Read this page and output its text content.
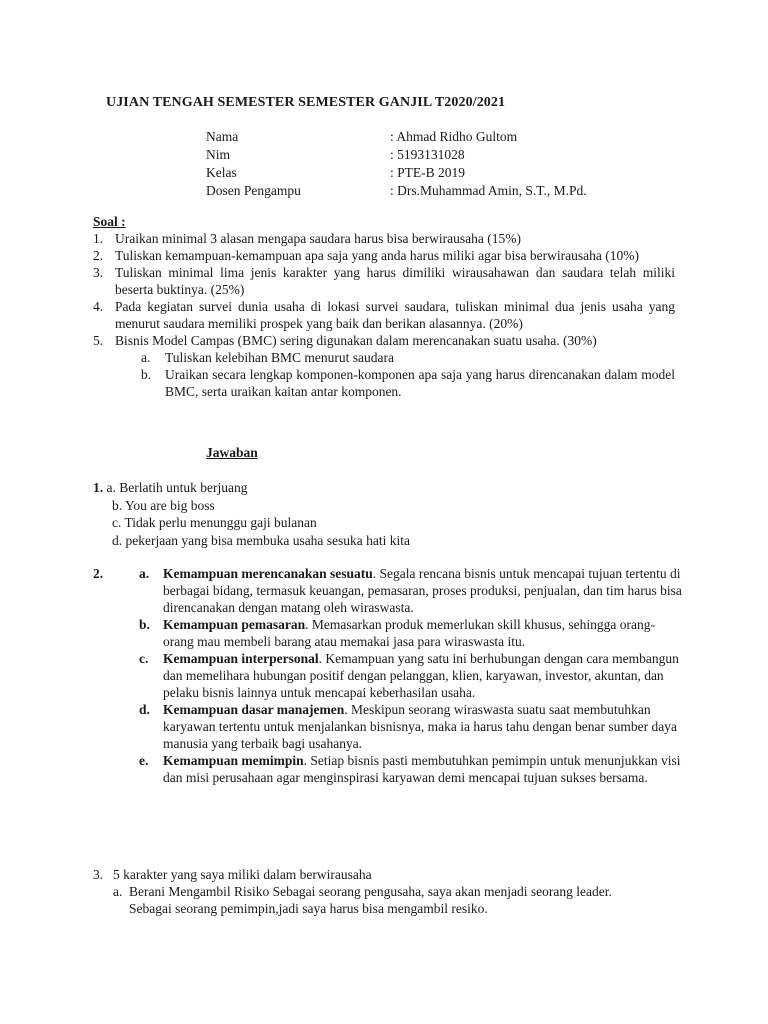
UJIAN TENGAH SEMESTER SEMESTER GANJIL T2020/2021
Nama	: Ahmad Ridho Gultom
Nim	: 5193131028
Kelas	: PTE-B 2019
Dosen Pengampu	: Drs.Muhammad Amin, S.T., M.Pd.
Soal :
1. Uraikan minimal 3 alasan mengapa saudara harus bisa berwirausaha (15%)
2. Tuliskan kemampuan-kemampuan apa saja yang anda harus miliki agar bisa berwirausaha (10%)
3. Tuliskan minimal lima jenis karakter yang harus dimiliki wirausahawan dan saudara telah miliki beserta buktinya. (25%)
4. Pada kegiatan survei dunia usaha di lokasi survei saudara, tuliskan minimal dua jenis usaha yang menurut saudara memiliki prospek yang baik dan berikan alasannya. (20%)
5. Bisnis Model Campas (BMC) sering digunakan dalam merencanakan suatu usaha. (30%)
a.	Tuliskan kelebihan BMC menurut saudara
b.	Uraikan secara lengkap komponen-komponen apa saja yang harus direncanakan dalam model BMC, serta uraikan kaitan antar komponen.
Jawaban
1. a. Berlatih untuk berjuang
b. You are big boss
c. Tidak perlu menunggu gaji bulanan
d. pekerjaan yang bisa membuka usaha sesuka hati kita
2.	a.	Kemampuan merencanakan sesuatu. Segala rencana bisnis untuk mencapai tujuan tertentu di berbagai bidang, termasuk keuangan, pemasaran, proses produksi, penjualan, dan tim harus bisa direncanakan dengan matang oleh wiraswasta.
b. Kemampuan pemasaran. Memasarkan produk memerlukan skill khusus, sehingga orang- orang mau membeli barang atau memakai jasa para wiraswasta itu.
c.	Kemampuan interpersonal. Kemampuan yang satu ini berhubungan dengan cara membangun dan memelihara hubungan positif dengan pelanggan, klien, karyawan, investor, akuntan, dan pelaku bisnis lainnya untuk mencapai keberhasilan usaha.
d. Kemampuan dasar manajemen. Meskipun seorang wiraswasta suatu saat membutuhkan karyawan tertentu untuk menjalankan bisnisnya, maka ia harus tahu dengan benar sumber daya manusia yang terbaik bagi usahanya.
e.	Kemampuan memimpin. Setiap bisnis pasti membutuhkan pemimpin untuk menunjukkan visi dan misi perusahaan agar menginspirasi karyawan demi mencapai tujuan sukses bersama.
3. 5 karakter yang saya miliki dalam berwirausaha
a. Berani Mengambil Risiko Sebagai seorang pengusaha, saya akan menjadi seorang leader. Sebagai seorang pemimpin,jadi saya harus bisa mengambil resiko.
